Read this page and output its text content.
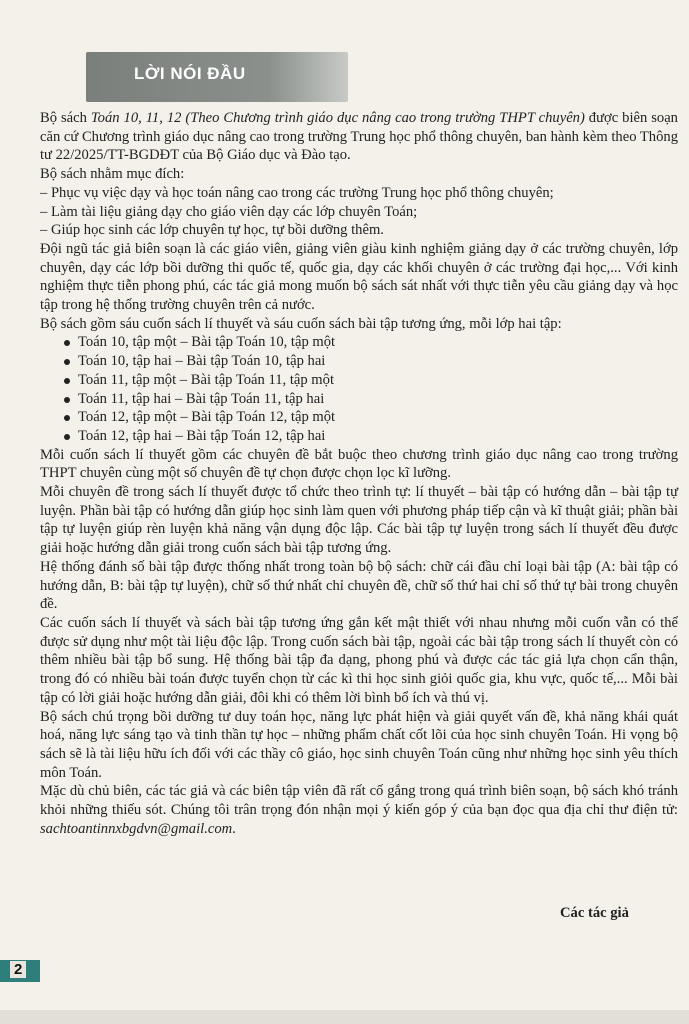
LỜI NÓI ĐẦU

Bộ sách Toán 10, 11, 12 (Theo Chương trình giáo dục nâng cao trong trường THPT chuyên) được biên soạn căn cứ Chương trình giáo dục nâng cao trong trường Trung học phổ thông chuyên, ban hành kèm theo Thông tư 22/2025/TT-BGDĐT của Bộ Giáo dục và Đào tạo.

Bộ sách nhằm mục đích:

– Phục vụ việc dạy và học toán nâng cao trong các trường Trung học phổ thông chuyên;

– Làm tài liệu giảng dạy cho giáo viên dạy các lớp chuyên Toán;

– Giúp học sinh các lớp chuyên tự học, tự bồi dưỡng thêm.

Đội ngũ tác giả biên soạn là các giáo viên, giảng viên giàu kinh nghiệm giảng dạy ở các trường chuyên, lớp chuyên, dạy các lớp bồi dưỡng thi quốc tế, quốc gia, dạy các khối chuyên ở các trường đại học,... Với kinh nghiệm thực tiễn phong phú, các tác giả mong muốn bộ sách sát nhất với thực tiễn yêu cầu giảng dạy và học tập trong hệ thống trường chuyên trên cả nước.

Bộ sách gồm sáu cuốn sách lí thuyết và sáu cuốn sách bài tập tương ứng, mỗi lớp hai tập:

Toán 10, tập một – Bài tập Toán 10, tập một
Toán 10, tập hai – Bài tập Toán 10, tập hai
Toán 11, tập một – Bài tập Toán 11, tập một
Toán 11, tập hai – Bài tập Toán 11, tập hai
Toán 12, tập một – Bài tập Toán 12, tập một
Toán 12, tập hai – Bài tập Toán 12, tập hai

Mỗi cuốn sách lí thuyết gồm các chuyên đề bắt buộc theo chương trình giáo dục nâng cao trong trường THPT chuyên cùng một số chuyên đề tự chọn được chọn lọc kĩ lưỡng.

Mỗi chuyên đề trong sách lí thuyết được tổ chức theo trình tự: lí thuyết – bài tập có hướng dẫn – bài tập tự luyện. Phần bài tập có hướng dẫn giúp học sinh làm quen với phương pháp tiếp cận và kĩ thuật giải; phần bài tập tự luyện giúp rèn luyện khả năng vận dụng độc lập. Các bài tập tự luyện trong sách lí thuyết đều được giải hoặc hướng dẫn giải trong cuốn sách bài tập tương ứng.

Hệ thống đánh số bài tập được thống nhất trong toàn bộ bộ sách: chữ cái đầu chỉ loại bài tập (A: bài tập có hướng dẫn, B: bài tập tự luyện), chữ số thứ nhất chỉ chuyên đề, chữ số thứ hai chỉ số thứ tự bài trong chuyên đề.

Các cuốn sách lí thuyết và sách bài tập tương ứng gắn kết mật thiết với nhau nhưng mỗi cuốn vẫn có thể được sử dụng như một tài liệu độc lập. Trong cuốn sách bài tập, ngoài các bài tập trong sách lí thuyết còn có thêm nhiều bài tập bổ sung. Hệ thống bài tập đa dạng, phong phú và được các tác giả lựa chọn cẩn thận, trong đó có nhiều bài toán được tuyển chọn từ các kì thi học sinh giỏi quốc gia, khu vực, quốc tế,... Mỗi bài tập có lời giải hoặc hướng dẫn giải, đôi khi có thêm lời bình bổ ích và thú vị.

Bộ sách chú trọng bồi dưỡng tư duy toán học, năng lực phát hiện và giải quyết vấn đề, khả năng khái quát hoá, năng lực sáng tạo và tinh thần tự học – những phẩm chất cốt lõi của học sinh chuyên Toán. Hi vọng bộ sách sẽ là tài liệu hữu ích đối với các thầy cô giáo, học sinh chuyên Toán cũng như những học sinh yêu thích môn Toán.

Mặc dù chủ biên, các tác giả và các biên tập viên đã rất cố gắng trong quá trình biên soạn, bộ sách khó tránh khỏi những thiếu sót. Chúng tôi trân trọng đón nhận mọi ý kiến góp ý của bạn đọc qua địa chỉ thư điện tử: sachtoantinnxbgdvn@gmail.com.

Các tác giả
2
